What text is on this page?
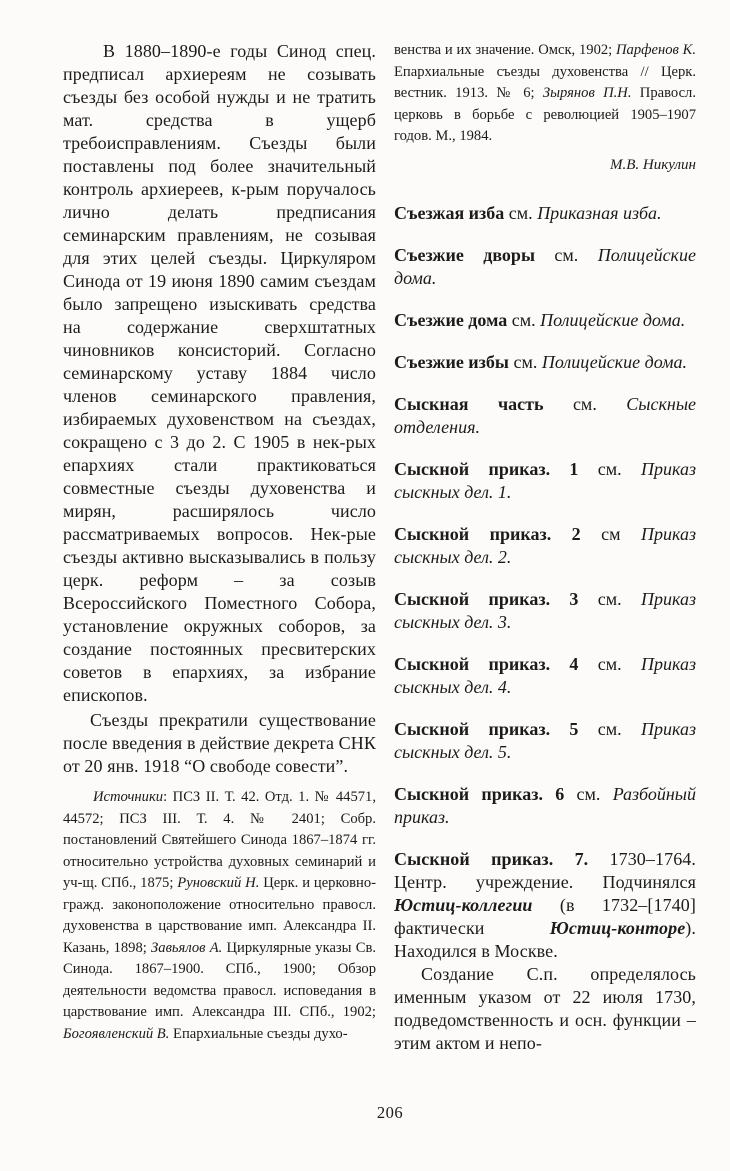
В 1880–1890-е годы Синод спец. предписал архиереям не созывать съезды без особой нужды и не тратить мат. средства в ущерб требоисправлениям. Съезды были поставлены под более значительный контроль архиереев, к-рым поручалось лично делать предписания семинарским правлениям, не созывая для этих целей съезды. Циркуляром Синода от 19 июня 1890 самим съездам было запрещено изыскивать средства на содержание сверхштатных чиновников консисторий. Согласно семинарскому уставу 1884 число членов семинарского правления, избираемых духовенством на съездах, сокращено с 3 до 2. С 1905 в нек-рых епархиях стали практиковаться совместные съезды духовенства и мирян, расширялось число рассматриваемых вопросов. Нек-рые съезды активно высказывались в пользу церк. реформ – за созыв Всероссийского Поместного Собора, установление окружных соборов, за создание постоянных пресвитерских советов в епархиях, за избрание епископов.

Съезды прекратили существование после введения в действие декрета СНК от 20 янв. 1918 “О свободе совести”.

Источники: ПСЗ II. Т. 42. Отд. 1. № 44571, 44572; ПСЗ III. Т. 4. № 2401; Собр. постановлений Святейшего Синода 1867–1874 гг. относительно устройства духовных семинарий и уч-щ. СПб., 1875; Руновский Н. Церк. и церковно-гражд. законоположение относительно правосл. духовенства в царствование имп. Александра II. Казань, 1898; Завьялов А. Циркулярные указы Св. Синода. 1867–1900. СПб., 1900; Обзор деятельности ведомства правосл. исповедания в царствование имп. Александра III. СПб., 1902; Богоявленский В. Епархиальные съезды духо-

венства и их значение. Омск, 1902; Парфенов К. Епархиальные съезды духовенства // Церк. вестник. 1913. № 6; Зырянов П.Н. Правосл. церковь в борьбе с революцией 1905–1907 годов. М., 1984.

М.В. Никулин

Съезжая изба см. Приказная изба.

Съезжие дворы см. Полицейские дома.

Съезжие дома см. Полицейские дома.

Съезжие избы см. Полицейские дома.

Сыскная часть см. Сыскные отделения.

Сыскной приказ. 1 см. Приказ сыскных дел. 1.

Сыскной приказ. 2 см Приказ сыскных дел. 2.

Сыскной приказ. 3 см. Приказ сыскных дел. 3.

Сыскной приказ. 4 см. Приказ сыскных дел. 4.

Сыскной приказ. 5 см. Приказ сыскных дел. 5.

Сыскной приказ. 6 см. Разбойный приказ.

Сыскной приказ. 7. 1730–1764. Центр. учреждение. Подчинялся Юстиц-коллегии (в 1732–[1740] фактически Юстиц-конторе). Находился в Москве.

Создание С.п. определялось именным указом от 22 июля 1730, подведомственность и осн. функции – этим актом и непо-

206
